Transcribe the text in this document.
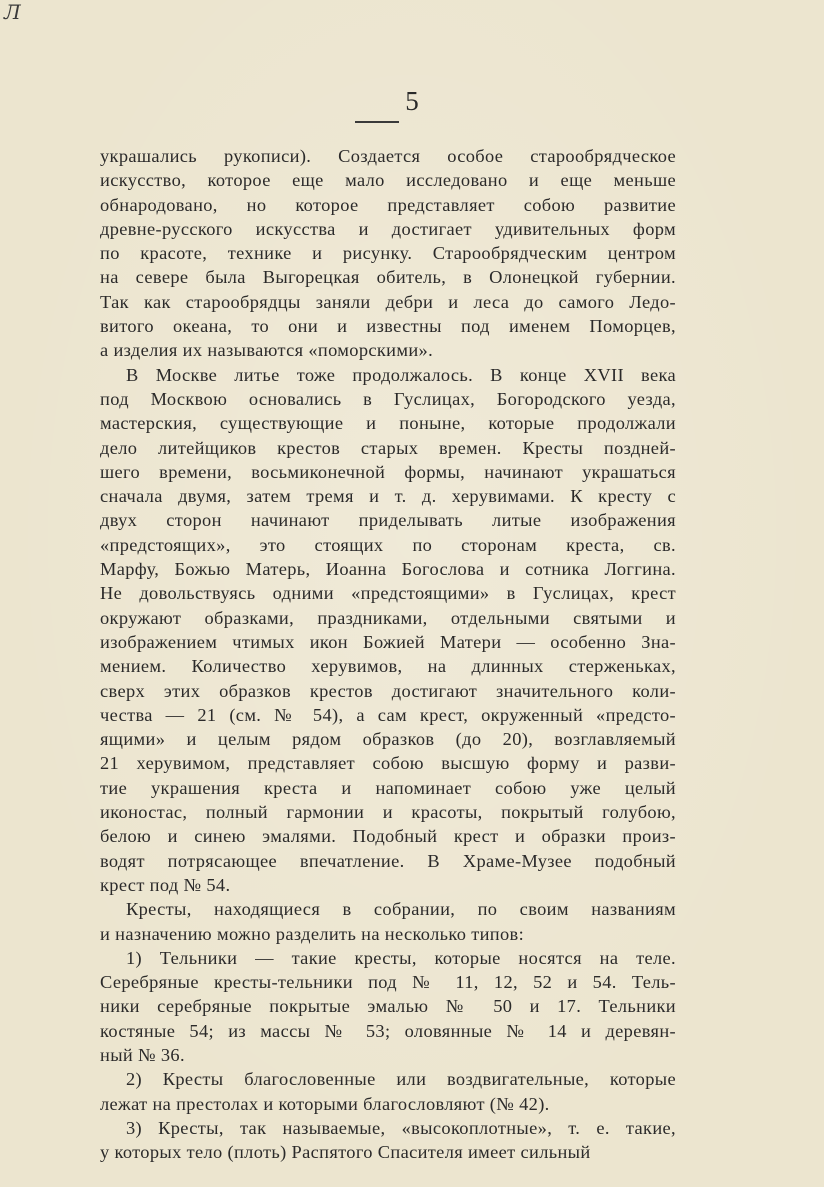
Л
5

украшались рукописи). Создается особое старообрядческое
искусство, которое еще мало исследовано и еще меньше
обнародовано, но которое представляет собою развитие
древне-русского искусства и достигает удивительных форм
по красоте, технике и рисунку. Старообрядческим центром
на севере была Выгорецкая обитель, в Олонецкой губернии.
Так как старообрядцы заняли дебри и леса до самого Ледо-
витого океана, то они и известны под именем Поморцев,
а изделия их называются «поморскими».

В Москве литье тоже продолжалось. В конце XVII века
под Москвою основались в Гуслицах, Богородского уезда,
мастерския, существующие и поныне, которые продолжали
дело литейщиков крестов старых времен. Кресты поздней-
шего времени, восьмиконечной формы, начинают украшаться
сначала двумя, затем тремя и т. д. херувимами. К кресту с
двух сторон начинают приделывать литые изображения
«предстоящих», это стоящих по сторонам креста, св.
Марфу, Божью Матерь, Иоанна Богослова и сотника Логгина.
Не довольствуясь одними «предстоящими» в Гуслицах, крест
окружают образками, праздниками, отдельными святыми и
изображением чтимых икон Божией Матери — особенно Зна-
мением. Количество херувимов, на длинных стерженьках,
сверх этих образков крестов достигают значительного коли-
чества — 21 (см. № 54), а сам крест, окруженный «предсто-
ящими» и целым рядом образков (до 20), возглавляемый
21 херувимом, представляет собою высшую форму и разви-
тие украшения креста и напоминает собою уже целый
иконостас, полный гармонии и красоты, покрытый голубою,
белою и синею эмалями. Подобный крест и образки произ-
водят потрясающее впечатление. В Храме-Музее подобный
крест под № 54.

Кресты, находящиеся в собрании, по своим названиям
и назначению можно разделить на несколько типов:

1) Тельники — такие кресты, которые носятся на теле.
Серебряные кресты-тельники под № 11, 12, 52 и 54. Тель-
ники серебряные покрытые эмалью № 50 и 17. Тельники
костяные 54; из массы № 53; оловянные № 14 и деревян-
ный № 36.

2) Кресты благословенные или воздвигательные, которые
лежат на престолах и которыми благословляют (№ 42).

3) Кресты, так называемые, «высокоплотные», т. е. такие,
у которых тело (плоть) Распятого Спасителя имеет сильный
